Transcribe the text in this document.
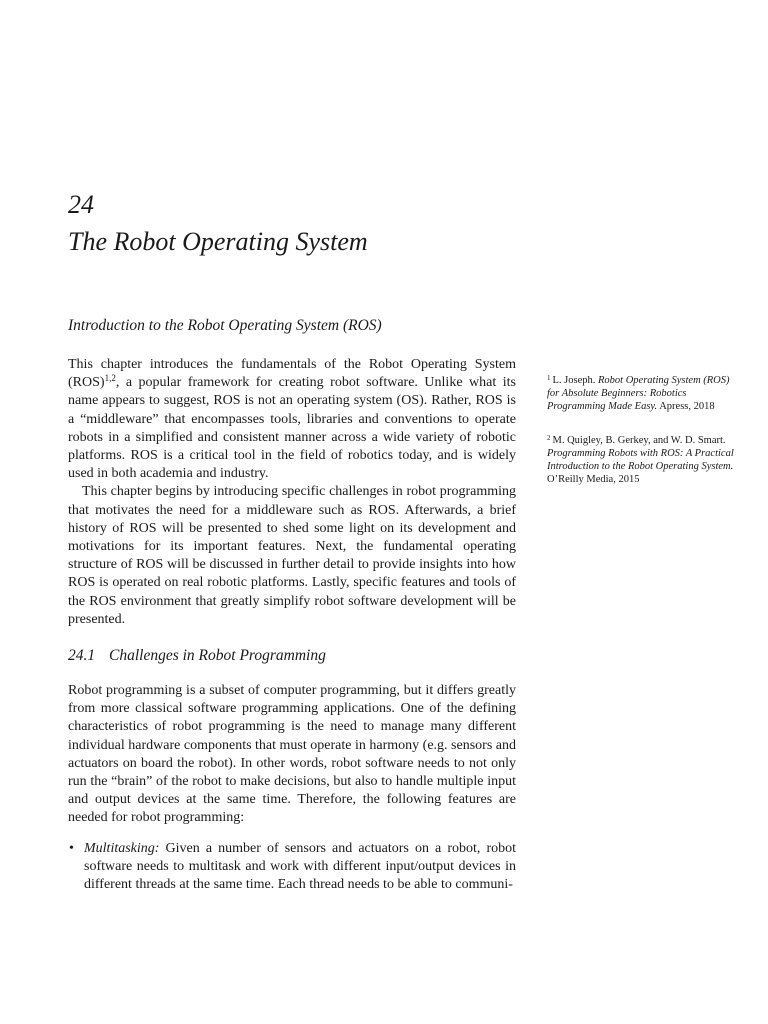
24
The Robot Operating System
Introduction to the Robot Operating System (ROS)

This chapter introduces the fundamentals of the Robot Operating System (ROS)$^{1,2}$, a popular framework for creating robot software. Unlike what its name appears to suggest, ROS is not an operating system (OS). Rather, ROS is a “middleware” that encompasses tools, libraries and conventions to operate robots in a simplified and consistent manner across a wide variety of robotic platforms. ROS is a critical tool in the field of robotics today, and is widely used in both academia and industry.

This chapter begins by introducing specific challenges in robot programming that motivates the need for a middleware such as ROS. Afterwards, a brief history of ROS will be presented to shed some light on its development and motivations for its important features. Next, the fundamental operating structure of ROS will be discussed in further detail to provide insights into how ROS is operated on real robotic platforms. Lastly, specific features and tools of the ROS environment that greatly simplify robot software development will be presented.

24.1 Challenges in Robot Programming

Robot programming is a subset of computer programming, but it differs greatly from more classical software programming applications. One of the defining characteristics of robot programming is the need to manage many different individual hardware components that must operate in harmony (e.g. sensors and actuators on board the robot). In other words, robot software needs to not only run the “brain” of the robot to make decisions, but also to handle multiple input and output devices at the same time. Therefore, the following features are needed for robot programming:

• Multitasking: Given a number of sensors and actuators on a robot, robot software needs to multitask and work with different input/output devices in different threads at the same time. Each thread needs to be able to communi-

$^1$ L. Joseph. Robot Operating System (ROS) for Absolute Beginners: Robotics Programming Made Easy. Apress, 2018

$^2$ M. Quigley, B. Gerkey, and W. D. Smart. Programming Robots with ROS: A Practical Introduction to the Robot Operating System. O’Reilly Media, 2015
